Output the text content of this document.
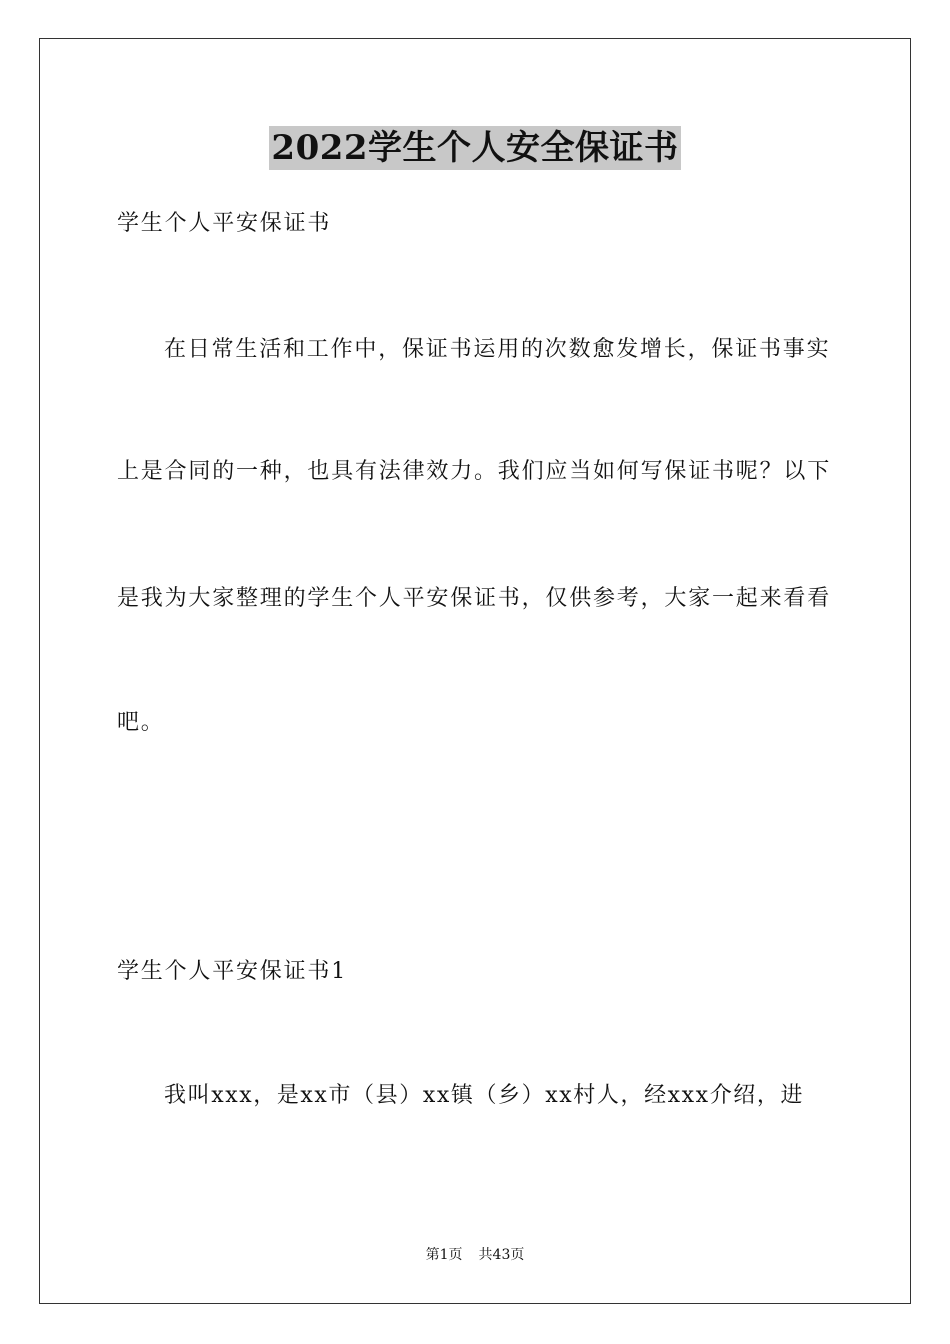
2022学生个人安全保证书
学生个人平安保证书
在日常生活和工作中，保证书运用的次数愈发增长，保证书事实
上是合同的一种，也具有法律效力。我们应当如何写保证书呢？以下
是我为大家整理的学生个人平安保证书，仅供参考，大家一起来看看
吧。
学生个人平安保证书1
我叫xxx，是xx市（县）xx镇（乡）xx村人，经xxx介绍，进
第1页 共43页
